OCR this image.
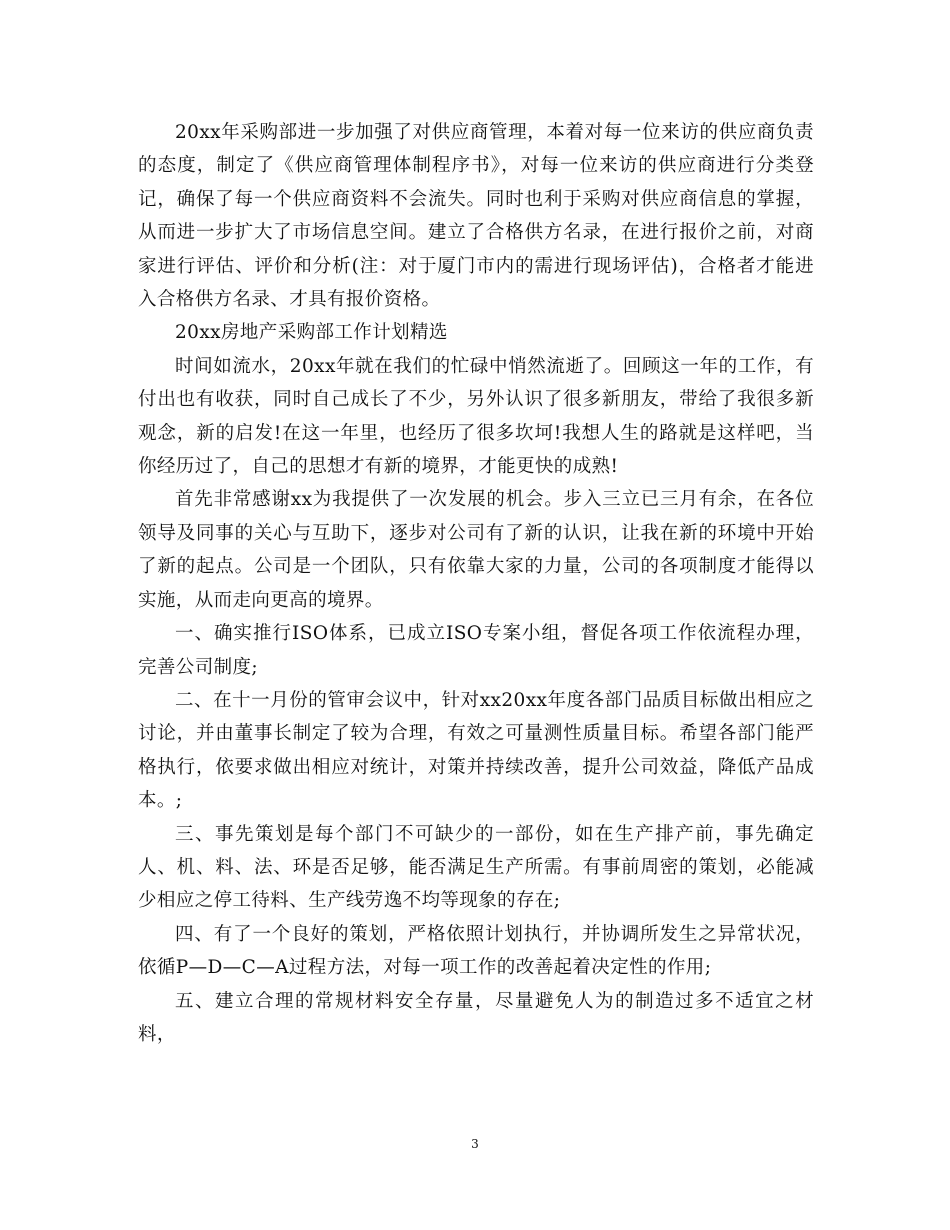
20xx年采购部进一步加强了对供应商管理，本着对每一位来访的供应商负责的态度，制定了《供应商管理体制程序书》，对每一位来访的供应商进行分类登记，确保了每一个供应商资料不会流失。同时也利于采购对供应商信息的掌握，从而进一步扩大了市场信息空间。建立了合格供方名录，在进行报价之前，对商家进行评估、评价和分析(注：对于厦门市内的需进行现场评估)，合格者才能进入合格供方名录、才具有报价资格。

20xx房地产采购部工作计划精选

时间如流水，20xx年就在我们的忙碌中悄然流逝了。回顾这一年的工作，有付出也有收获，同时自己成长了不少，另外认识了很多新朋友，带给了我很多新观念，新的启发!在这一年里，也经历了很多坎坷!我想人生的路就是这样吧，当你经历过了，自己的思想才有新的境界，才能更快的成熟!

首先非常感谢xx为我提供了一次发展的机会。步入三立已三月有余，在各位领导及同事的关心与互助下，逐步对公司有了新的认识，让我在新的环境中开始了新的起点。公司是一个团队，只有依靠大家的力量，公司的各项制度才能得以实施，从而走向更高的境界。

一、确实推行ISO体系，已成立ISO专案小组，督促各项工作依流程办理，完善公司制度;

二、在十一月份的管审会议中，针对xx20xx年度各部门品质目标做出相应之讨论，并由董事长制定了较为合理，有效之可量测性质量目标。希望各部门能严格执行，依要求做出相应对统计，对策并持续改善，提升公司效益，降低产品成本。;

三、事先策划是每个部门不可缺少的一部份，如在生产排产前，事先确定人、机、料、法、环是否足够，能否满足生产所需。有事前周密的策划，必能减少相应之停工待料、生产线劳逸不均等现象的存在;

四、有了一个良好的策划，严格依照计划执行，并协调所发生之异常状况，依循P—D—C—A过程方法，对每一项工作的改善起着决定性的作用;

五、建立合理的常规材料安全存量，尽量避免人为的制造过多不适宜之材料，

3
